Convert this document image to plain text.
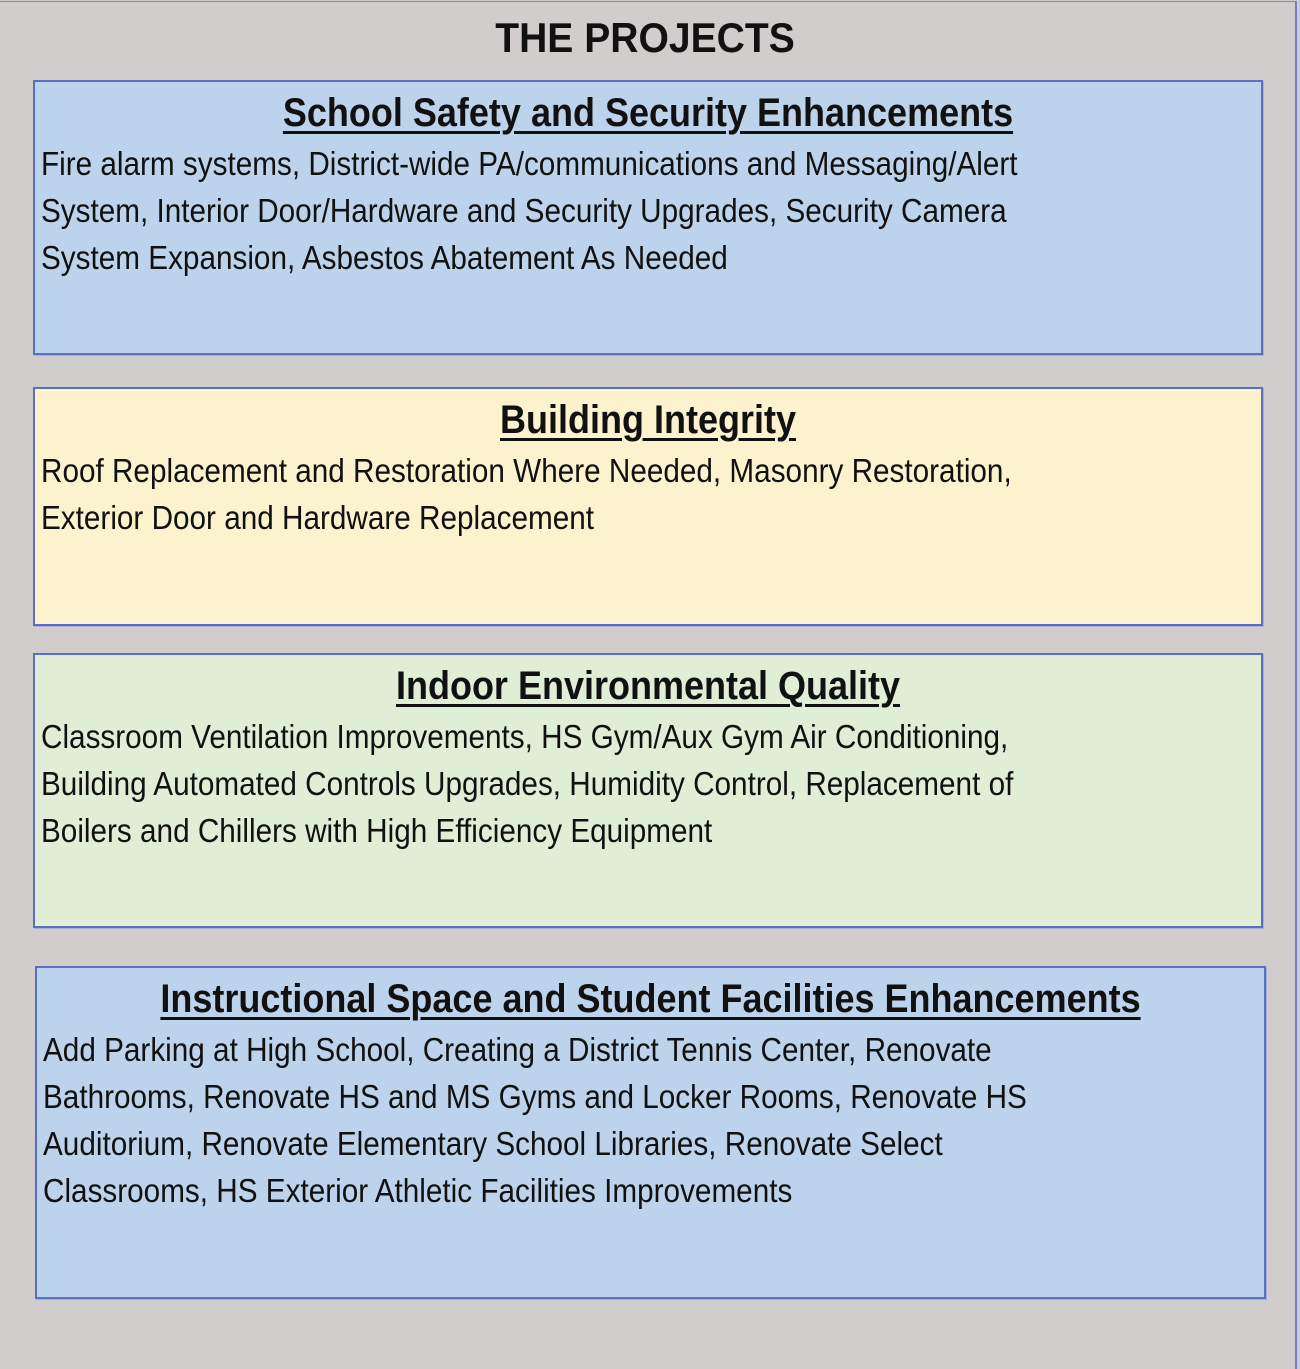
THE PROJECTS
School Safety and Security Enhancements
Fire alarm systems, District-wide PA/communications and Messaging/Alert
System, Interior Door/Hardware and Security Upgrades, Security Camera
System Expansion, Asbestos Abatement As Needed
Building Integrity
Roof Replacement and Restoration Where Needed, Masonry Restoration,
Exterior Door and Hardware Replacement
Indoor Environmental Quality
Classroom Ventilation Improvements, HS Gym/Aux Gym Air Conditioning,
Building Automated Controls Upgrades, Humidity Control, Replacement of
Boilers and Chillers with High Efficiency Equipment
Instructional Space and Student Facilities Enhancements
Add Parking at High School, Creating a District Tennis Center, Renovate
Bathrooms, Renovate HS and MS Gyms and Locker Rooms, Renovate HS
Auditorium, Renovate Elementary School Libraries, Renovate Select
Classrooms, HS Exterior Athletic Facilities Improvements
